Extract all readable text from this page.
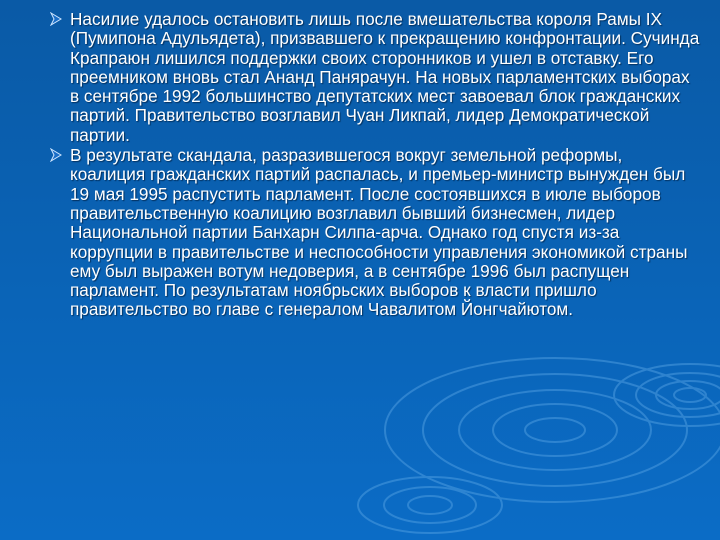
Насилие удалось остановить лишь после вмешательства короля Рамы IX (Пумипона Адульядета), призвавшего к прекращению конфронтации. Сучинда Крапраюн лишился поддержки своих сторонников и ушел в отставку. Его преемником вновь стал Ананд Панярачун. На новых парламентских выборах в сентябре 1992 большинство депутатских мест завоевал блок гражданских партий. Правительство возглавил Чуан Ликпай, лидер Демократической партии.
В результате скандала, разразившегося вокруг земельной реформы, коалиция гражданских партий распалась, и премьер-министр вынужден был 19 мая 1995 распустить парламент. После состоявшихся в июле выборов правительственную коалицию возглавил бывший бизнесмен, лидер Национальной партии Банхарн Силпа-арча. Однако год спустя из-за коррупции в правительстве и неспособности управления экономикой страны ему был выражен вотум недоверия, а в сентябре 1996 был распущен парламент. По результатам ноябрьских выборов к власти пришло правительство во главе с генералом Чавалитом Йонгчайютом.
